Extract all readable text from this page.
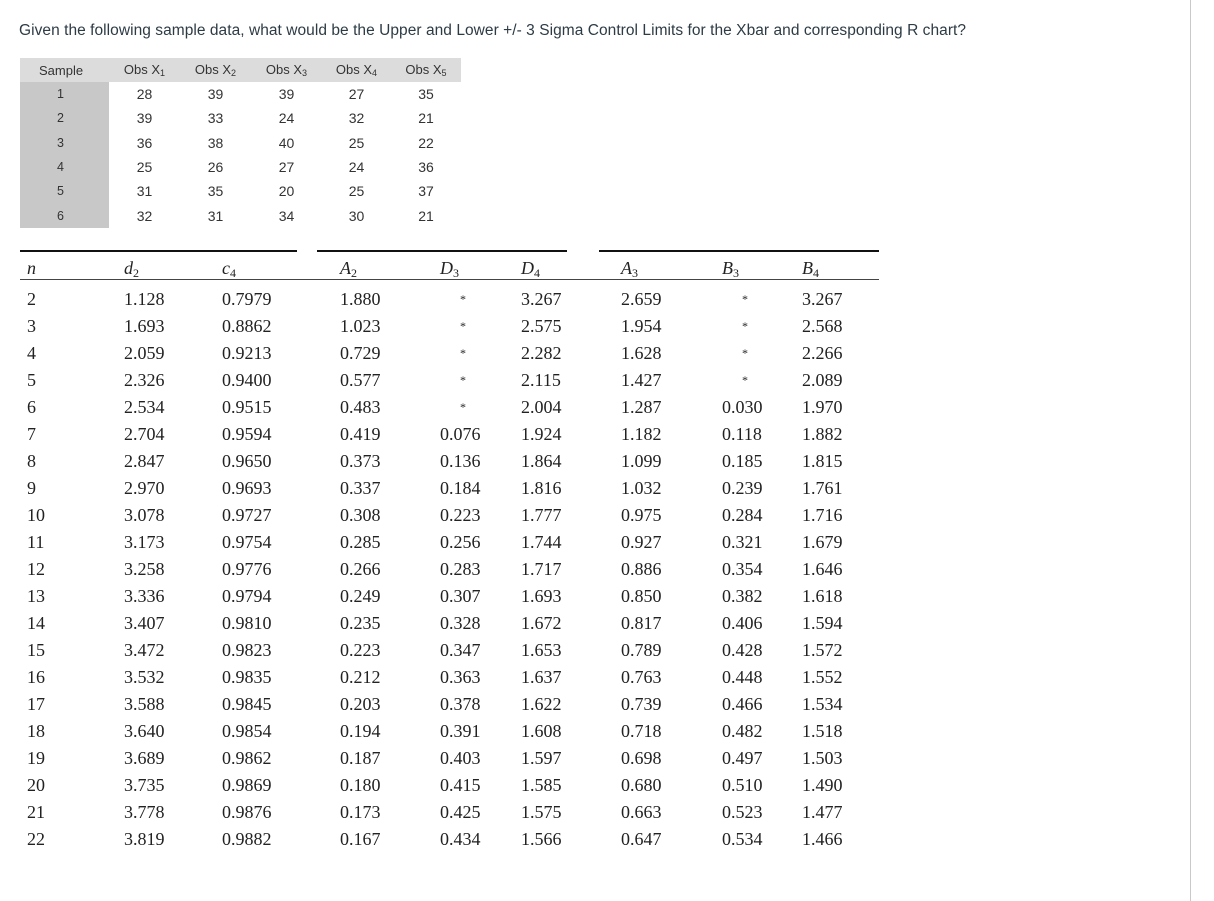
Given the following sample data, what would be the Upper and Lower +/- 3 Sigma Control Limits for the Xbar and corresponding R chart?
Sample	Obs $X_1$	Obs $X_2$	Obs $X_3$	Obs $X_4$	Obs $X_5$
1	28	39	39	27	35
2	39	33	24	32	21
3	36	38	40	25	22
4	25	26	27	24	36
5	31	35	20	25	37
6	32	31	34	30	21
n	$d_2$	$c_4$	$A_2$	$D_3$	$D_4$	$A_3$	$B_3$	$B_4$
2	1.128	0.7979	1.880	*	3.267	2.659	*	3.267
3	1.693	0.8862	1.023	*	2.575	1.954	*	2.568
4	2.059	0.9213	0.729	*	2.282	1.628	*	2.266
5	2.326	0.9400	0.577	*	2.115	1.427	*	2.089
6	2.534	0.9515	0.483	*	2.004	1.287	0.030 1.970
7	2.704	0.9594	0.419	0.076 1.924	1.182	0.118 1.882
8	2.847	0.9650	0.373	0.136 1.864	1.099	0.185 1.815
9	2.970	0.9693	0.337	0.184 1.816	1.032	0.239 1.761
10	3.078	0.9727	0.308	0.223 1.777	0.975	0.284 1.716
11	3.173	0.9754	0.285	0.256 1.744	0.927	0.321 1.679
12	3.258	0.9776	0.266	0.283 1.717	0.886	0.354 1.646
13	3.336	0.9794	0.249	0.307 1.693	0.850	0.382 1.618
14	3.407	0.9810	0.235	0.328 1.672	0.817	0.406 1.594
15	3.472	0.9823	0.223	0.347 1.653	0.789	0.428 1.572
16	3.532	0.9835	0.212	0.363 1.637	0.763	0.448 1.552
17	3.588	0.9845	0.203	0.378 1.622	0.739	0.466 1.534
18	3.640	0.9854	0.194	0.391 1.608	0.718	0.482 1.518
19	3.689	0.9862	0.187	0.403 1.597	0.698	0.497 1.503
20	3.735	0.9869	0.180	0.415 1.585	0.680	0.510 1.490
21	3.778	0.9876	0.173	0.425 1.575	0.663	0.523 1.477
22	3.819	0.9882	0.167	0.434 1.566	0.647	0.534 1.466
